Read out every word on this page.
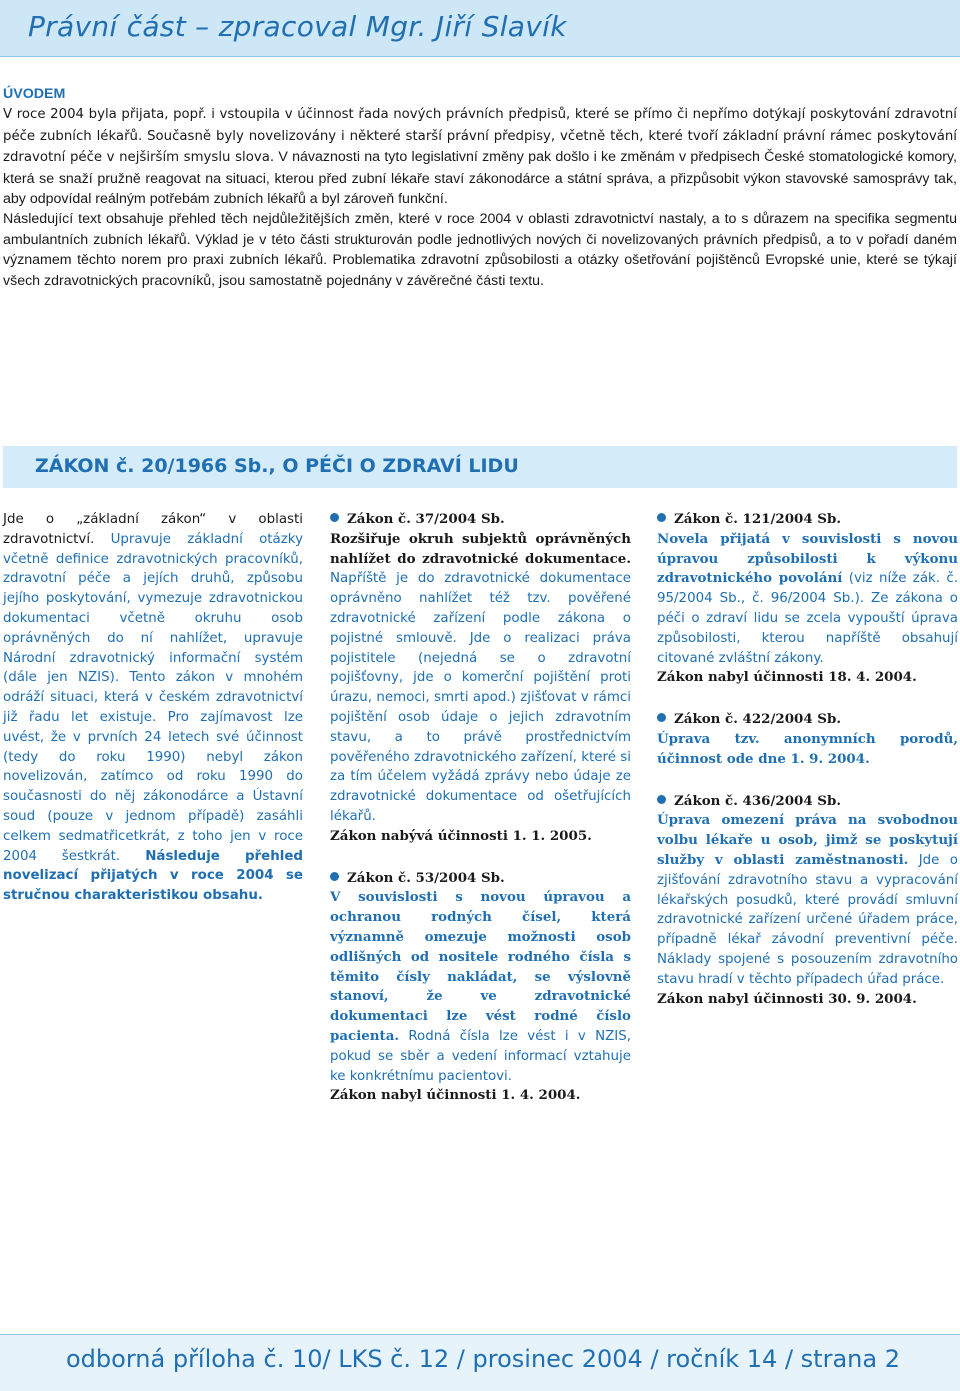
Právní část – zpracoval Mgr. Jiří Slavík
ÚVODEM

V roce 2004 byla přijata, popř. i vstoupila v účinnost řada nových právních předpisů, které se přímo či nepřímo dotýkají poskytování zdravotní péče zubních lékařů. Současně byly novelizovány i některé starší právní předpisy, včetně těch, které tvoří základní právní rámec poskytování zdravotní péče v nejširším smyslu slova. V návaznosti na tyto legislativní změny pak došlo i ke změnám v předpisech České stomatologické komory, která se snaží pružně reagovat na situaci, kterou před zubní lékaře staví zákonodárce a státní správa, a přizpůsobit výkon stavovské samosprávy tak, aby odpovídal reálným potřebám zubních lékařů a byl zároveň funkční.

Následující text obsahuje přehled těch nejdůležitějších změn, které v roce 2004 v oblasti zdravotnictví nastaly, a to s důrazem na specifika segmentu ambulantních zubních lékařů. Výklad je v této části strukturován podle jednotlivých nových či novelizovaných právních předpisů, a to v pořadí daném významem těchto norem pro praxi zubních lékařů. Problematika zdravotní způsobilosti a otázky ošetřování pojištěnců Evropské unie, které se týkají všech zdravotnických pracovníků, jsou samostatně pojednány v závěrečné části textu.

ZÁKON č. 20/1966 Sb., O PÉČI O ZDRAVÍ LIDU

Jde o „základní zákon“ v oblasti zdravotnictví. Upravuje základní otázky včetně definice zdravotnických pracovníků, zdravotní péče a jejích druhů, způsobu jejího poskytování, vymezuje zdravotnickou dokumentaci včetně okruhu osob oprávněných do ní nahlížet, upravuje Národní zdravotnický informační systém (dále jen NZIS). Tento zákon v mnohém odráží situaci, která v českém zdravotnictví již řadu let existuje. Pro zajímavost lze uvést, že v prvních 24 letech své účinnost (tedy do roku 1990) nebyl zákon novelizován, zatímco od roku 1990 do současnosti do něj zákonodárce a Ústavní soud (pouze v jednom případě) zasáhli celkem sedmatřicetkrát, z toho jen v roce 2004 šestkrát. Následuje přehled novelizací přijatých v roce 2004 se stručnou charakteristikou obsahu.

Zákon č. 37/2004 Sb.

Rozšiřuje okruh subjektů oprávněných nahlížet do zdravotnické dokumentace. Napříště je do zdravotnické dokumentace oprávněno nahlížet též tzv. pověřené zdravotnické zařízení podle zákona o pojistné smlouvě. Jde o realizaci práva pojistitele (nejedná se o zdravotní pojišťovny, jde o komerční pojištění proti úrazu, nemoci, smrti apod.) zjišťovat v rámci pojištění osob údaje o jejich zdravotním stavu, a to právě prostřednictvím pověřeného zdravotnického zařízení, které si za tím účelem vyžádá zprávy nebo údaje ze zdravotnické dokumentace od ošetřujících lékařů.

Zákon nabývá účinnosti 1. 1. 2005.

Zákon č. 53/2004 Sb.

V souvislosti s novou úpravou a ochranou rodných čísel, která významně omezuje možnosti osob odlišných od nositele rodného čísla s těmito čísly nakládat, se výslovně stanoví, že ve zdravotnické dokumentaci lze vést rodné číslo pacienta. Rodná čísla lze vést i v NZIS, pokud se sběr a vedení informací vztahuje ke konkrétnímu pacientovi.

Zákon nabyl účinnosti 1. 4. 2004.

Zákon č. 121/2004 Sb.

Novela přijatá v souvislosti s novou úpravou způsobilosti k výkonu zdravotnického povolání (viz níže zák. č. 95/2004 Sb., č. 96/2004 Sb.). Ze zákona o péči o zdraví lidu se zcela vypouští úprava způsobilosti, kterou napříště obsahují citované zvláštní zákony.

Zákon nabyl účinnosti 18. 4. 2004.

Zákon č. 422/2004 Sb.

Úprava tzv. anonymních porodů, účinnost ode dne 1. 9. 2004.

Zákon č. 436/2004 Sb.

Úprava omezení práva na svobodnou volbu lékaře u osob, jimž se poskytují služby v oblasti zaměstnanosti. Jde o zjišťování zdravotního stavu a vypracování lékařských posudků, které provádí smluvní zdravotnické zařízení určené úřadem práce, případně lékař závodní preventivní péče. Náklady spojené s posouzením zdravotního stavu hradí v těchto případech úřad práce.

Zákon nabyl účinnosti 30. 9. 2004.

odborná příloha č. 10/ LKS č. 12 / prosinec 2004 / ročník 14 / strana 2
